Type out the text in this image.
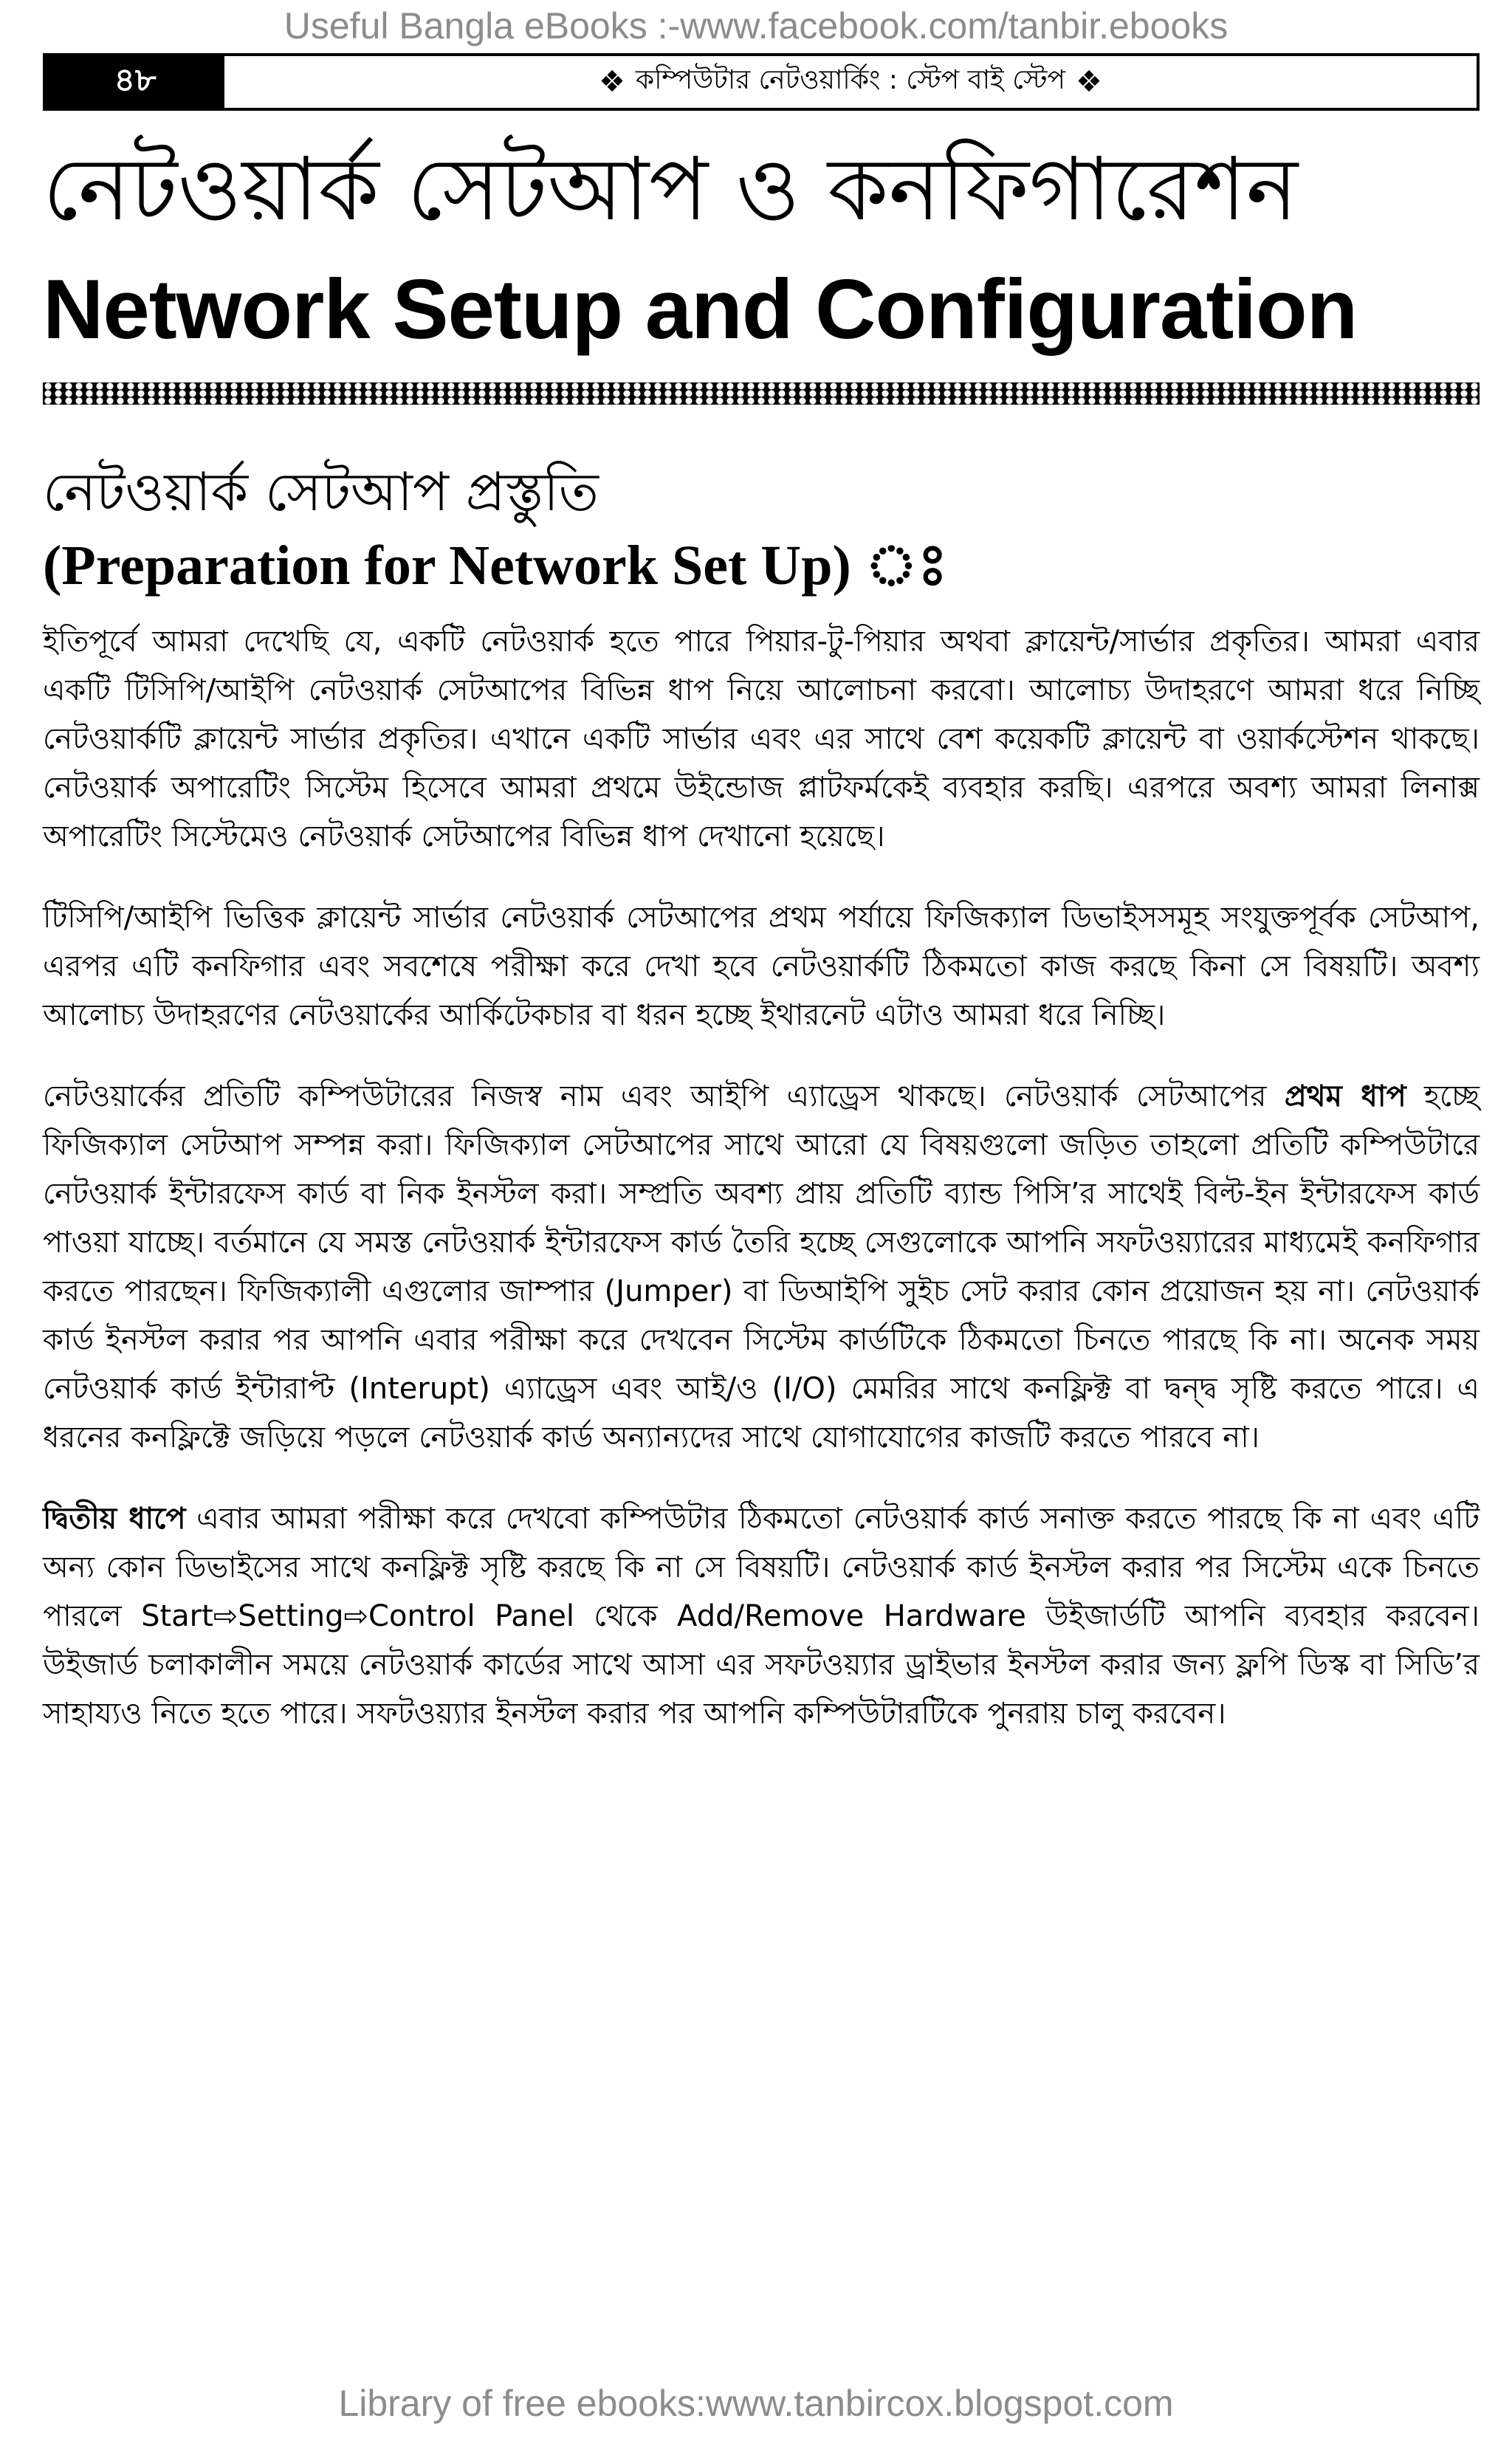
Useful Bangla eBooks :-www.facebook.com/tanbir.ebooks
৪৮	❖ কম্পিউটার নেটওয়ার্কিং : স্টেপ বাই স্টেপ ❖
নেটওয়ার্ক সেটআপ ও কনফিগারেশন
Network Setup and Configuration
নেটওয়ার্ক সেটআপ প্রস্তুতি
(Preparation for Network Set Up) ঃ

ইতিপূর্বে আমরা দেখেছি যে, একটি নেটওয়ার্ক হতে পারে পিয়ার-টু-পিয়ার অথবা ক্লায়েন্ট/সার্ভার প্রকৃতির। আমরা এবার একটি টিসিপি/আইপি নেটওয়ার্ক সেটআপের বিভিন্ন ধাপ নিয়ে আলোচনা করবো। আলোচ্য উদাহরণে আমরা ধরে নিচ্ছি নেটওয়ার্কটি ক্লায়েন্ট সার্ভার প্রকৃতির। এখানে একটি সার্ভার এবং এর সাথে বেশ কয়েকটি ক্লায়েন্ট বা ওয়ার্কস্টেশন থাকছে। নেটওয়ার্ক অপারেটিং সিস্টেম হিসেবে আমরা প্রথমে উইন্ডোজ প্লাটফর্মকেই ব্যবহার করছি। এরপরে অবশ্য আমরা লিনাক্স অপারেটিং সিস্টেমেও নেটওয়ার্ক সেটআপের বিভিন্ন ধাপ দেখানো হয়েছে।

টিসিপি/আইপি ভিত্তিক ক্লায়েন্ট সার্ভার নেটওয়ার্ক সেটআপের প্রথম পর্যায়ে ফিজিক্যাল ডিভাইসসমূহ সংযুক্তপূর্বক সেটআপ, এরপর এটি কনফিগার এবং সবশেষে পরীক্ষা করে দেখা হবে নেটওয়ার্কটি ঠিকমতো কাজ করছে কিনা সে বিষয়টি। অবশ্য আলোচ্য উদাহরণের নেটওয়ার্কের আর্কিটেকচার বা ধরন হচ্ছে ইথারনেট এটাও আমরা ধরে নিচ্ছি।

নেটওয়ার্কের প্রতিটি কম্পিউটারের নিজস্ব নাম এবং আইপি এ্যাড্রেস থাকছে। নেটওয়ার্ক সেটআপের প্রথম ধাপ হচ্ছে ফিজিক্যাল সেটআপ সম্পন্ন করা। ফিজিক্যাল সেটআপের সাথে আরো যে বিষয়গুলো জড়িত তাহলো প্রতিটি কম্পিউটারে নেটওয়ার্ক ইন্টারফেস কার্ড বা নিক ইনস্টল করা। সম্প্রতি অবশ্য প্রায় প্রতিটি ব্যান্ড পিসি’র সাথেই বিল্ট-ইন ইন্টারফেস কার্ড পাওয়া যাচ্ছে। বর্তমানে যে সমস্ত নেটওয়ার্ক ইন্টারফেস কার্ড তৈরি হচ্ছে সেগুলোকে আপনি সফটওয়্যারের মাধ্যমেই কনফিগার করতে পারছেন। ফিজিক্যালী এগুলোর জাম্পার (Jumper) বা ডিআইপি সুইচ সেট করার কোন প্রয়োজন হয় না। নেটওয়ার্ক কার্ড ইনস্টল করার পর আপনি এবার পরীক্ষা করে দেখবেন সিস্টেম কার্ডটিকে ঠিকমতো চিনতে পারছে কি না। অনেক সময় নেটওয়ার্ক কার্ড ইন্টারাপ্ট (Interupt) এ্যাড্রেস এবং আই/ও (I/O) মেমরির সাথে কনফ্লিক্ট বা দ্বন্দ্ব সৃষ্টি করতে পারে। এ ধরনের কনফ্লিক্টে জড়িয়ে পড়লে নেটওয়ার্ক কার্ড অন্যান্যদের সাথে যোগাযোগের কাজটি করতে পারবে না।

দ্বিতীয় ধাপে এবার আমরা পরীক্ষা করে দেখবো কম্পিউটার ঠিকমতো নেটওয়ার্ক কার্ড সনাক্ত করতে পারছে কি না এবং এটি অন্য কোন ডিভাইসের সাথে কনফ্লিক্ট সৃষ্টি করছে কি না সে বিষয়টি। নেটওয়ার্ক কার্ড ইনস্টল করার পর সিস্টেম একে চিনতে পারলে Start⇨Setting⇨Control Panel থেকে Add/Remove Hardware উইজার্ডটি আপনি ব্যবহার করবেন। উইজার্ড চলাকালীন সময়ে নেটওয়ার্ক কার্ডের সাথে আসা এর সফটওয়্যার ড্রাইভার ইনস্টল করার জন্য ফ্লপি ডিস্ক বা সিডি’র সাহায্যও নিতে হতে পারে। সফটওয়্যার ইনস্টল করার পর আপনি কম্পিউটারটিকে পুনরায় চালু করবেন।

Library of free ebooks:www.tanbircox.blogspot.com
